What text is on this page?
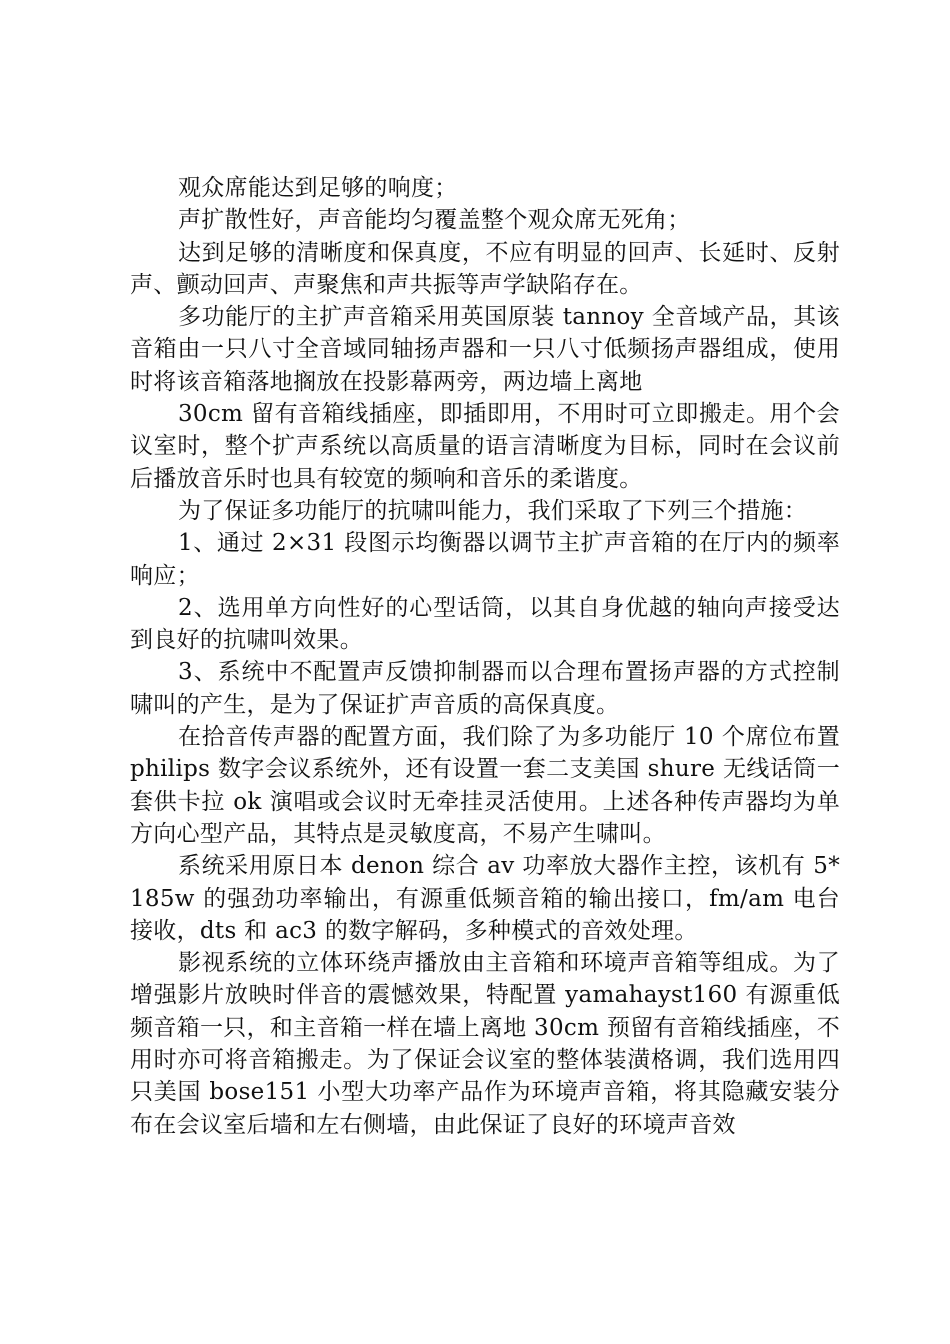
观众席能达到足够的响度；

声扩散性好，声音能均匀覆盖整个观众席无死角；

达到足够的清晰度和保真度，不应有明显的回声、长延时、反射声、颤动回声、声聚焦和声共振等声学缺陷存在。

多功能厅的主扩声音箱采用英国原装 tannoy 全音域产品，其该音箱由一只八寸全音域同轴扬声器和一只八寸低频扬声器组成，使用时将该音箱落地搁放在投影幕两旁，两边墙上离地

30cm 留有音箱线插座，即插即用，不用时可立即搬走。用个会议室时，整个扩声系统以高质量的语言清晰度为目标，同时在会议前后播放音乐时也具有较宽的频响和音乐的柔谐度。

为了保证多功能厅的抗啸叫能力，我们采取了下列三个措施：

1、通过 2×31 段图示均衡器以调节主扩声音箱的在厅内的频率响应；

2、选用单方向性好的心型话筒，以其自身优越的轴向声接受达到良好的抗啸叫效果。

3、系统中不配置声反馈抑制器而以合理布置扬声器的方式控制啸叫的产生，是为了保证扩声音质的高保真度。

在拾音传声器的配置方面，我们除了为多功能厅 10 个席位布置 philips 数字会议系统外，还有设置一套二支美国 shure 无线话筒一套供卡拉 ok 演唱或会议时无牵挂灵活使用。上述各种传声器均为单方向心型产品，其特点是灵敏度高，不易产生啸叫。

系统采用原日本 denon 综合 av 功率放大器作主控，该机有 5*185w 的强劲功率输出，有源重低频音箱的输出接口，fm/am 电台接收，dts 和 ac3 的数字解码，多种模式的音效处理。

影视系统的立体环绕声播放由主音箱和环境声音箱等组成。为了增强影片放映时伴音的震憾效果，特配置 yamahayst160 有源重低频音箱一只，和主音箱一样在墙上离地 30cm 预留有音箱线插座，不用时亦可将音箱搬走。为了保证会议室的整体装潢格调，我们选用四只美国 bose151 小型大功率产品作为环境声音箱，将其隐藏安装分布在会议室后墙和左右侧墙，由此保证了良好的环境声音效
